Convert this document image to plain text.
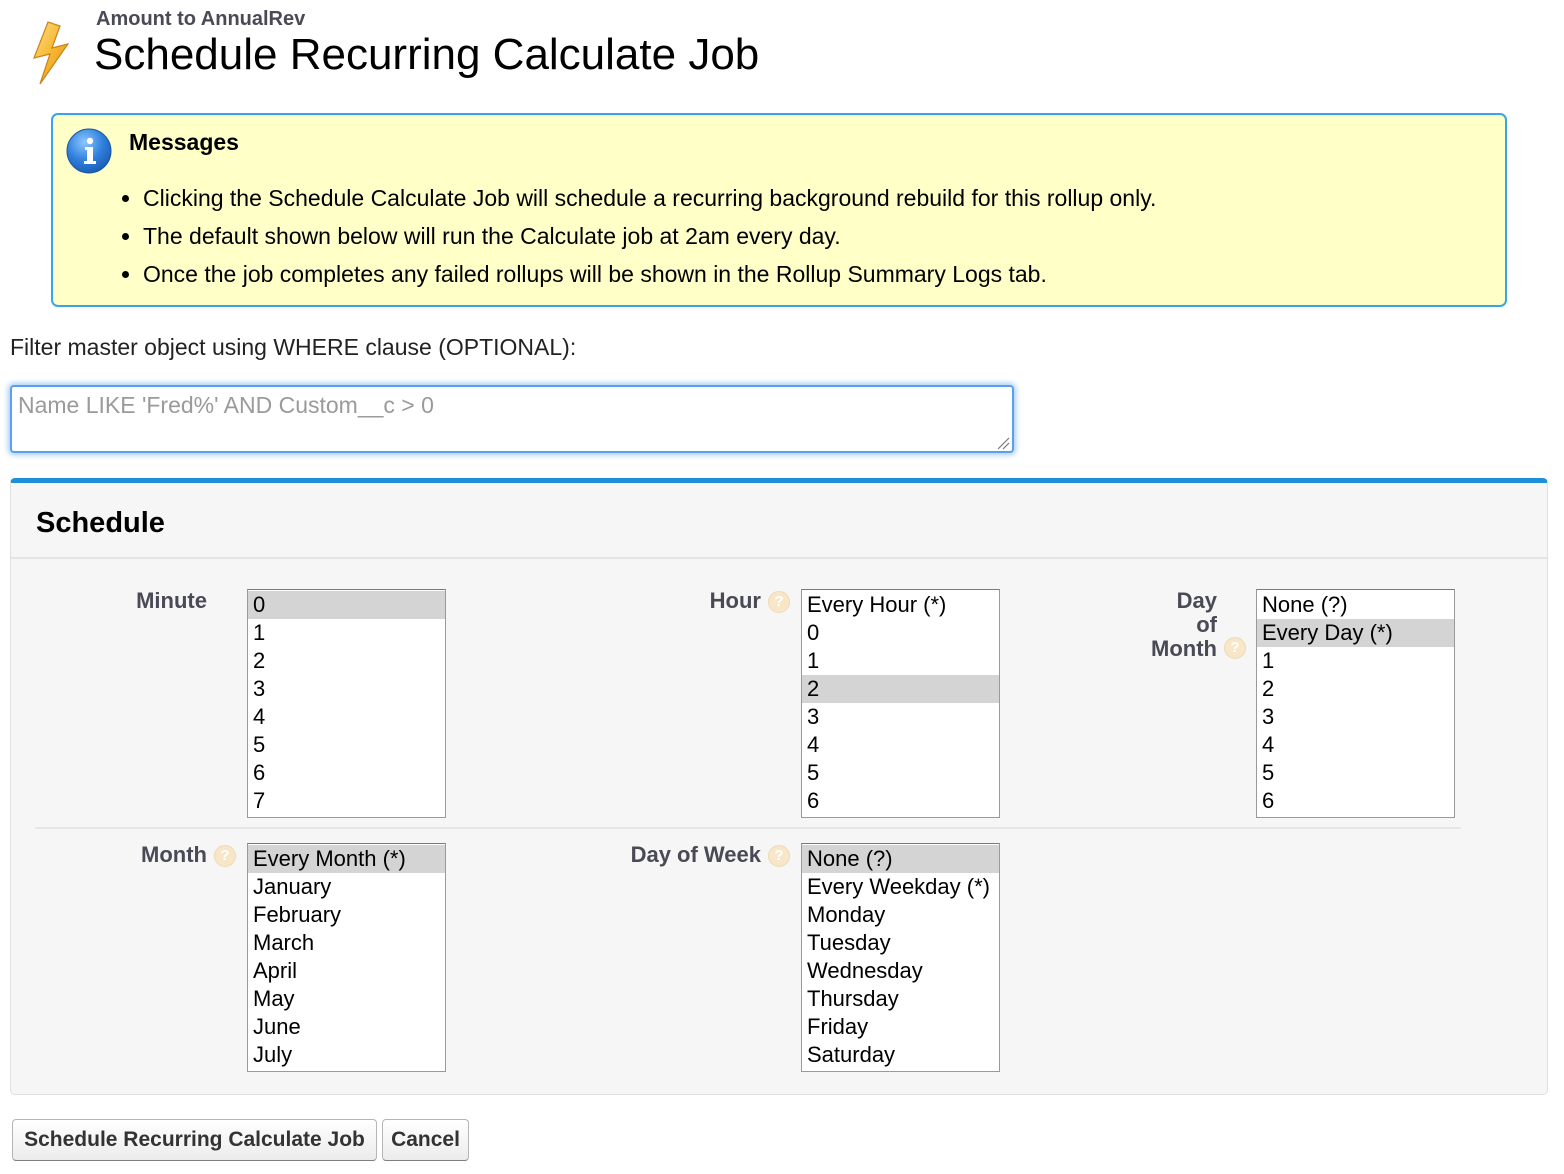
Amount to AnnualRev
Schedule Recurring Calculate Job
Messages
• Clicking the Schedule Calculate Job will schedule a recurring background rebuild for this rollup only.
• The default shown below will run the Calculate job at 2am every day.
• Once the job completes any failed rollups will be shown in the Rollup Summary Logs tab.
Filter master object using WHERE clause (OPTIONAL):
Name LIKE 'Fred%' AND Custom__c > 0
Schedule
Minute 0
1
2
3
4
5
6
7
Hour ? Every Hour (*)
0
1
2
3
4
5
6
Day
of
Month ?
None (?)
Every Day (*)
1
2
3
4
5
6
Month ? Every Month (*)
January
February
March
April
May
June
July
Day of Week ? None (?)
Every Weekday (*)
Monday
Tuesday
Wednesday
Thursday
Friday
Saturday
Schedule Recurring Calculate Job	Cancel
